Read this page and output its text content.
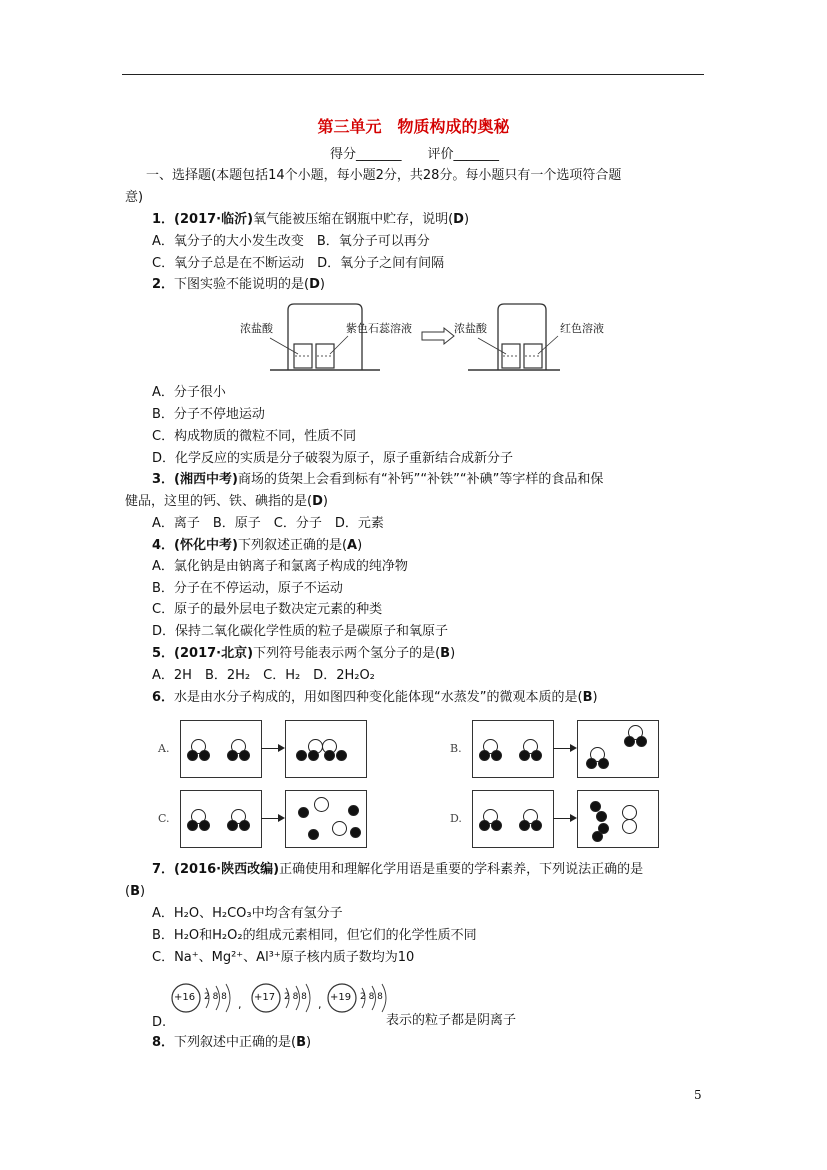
第三单元　物质构成的奥秘
得分_______　　评价_______
一、选择题(本题包括14个小题，每小题2分，共28分。每小题只有一个选项符合题
意)
1．(2017·临沂)氧气能被压缩在钢瓶中贮存，说明(D)
A．氧分子的大小发生改变　B．氧分子可以再分
C．氧分子总是在不断运动　D．氧分子之间有间隔
2．下图实验不能说明的是(D)
浓盐酸	紫色石蕊溶液	浓盐酸	红色溶液
A．分子很小
B．分子不停地运动
C．构成物质的微粒不同，性质不同
D．化学反应的实质是分子破裂为原子，原子重新结合成新分子
3．(湘西中考)商场的货架上会看到标有“补钙”“补铁”“补碘”等字样的食品和保
健品，这里的钙、铁、碘指的是(D)
A．离子　B．原子　C．分子　D．元素
4．(怀化中考)下列叙述正确的是(A)
A．氯化钠是由钠离子和氯离子构成的纯净物
B．分子在不停运动，原子不运动
C．原子的最外层电子数决定元素的种类
D．保持二氧化碳化学性质的粒子是碳原子和氧原子
5．(2017·北京)下列符号能表示两个氢分子的是(B)
A．2H　B．2H₂　C．H₂　D．2H₂O₂
6．水是由水分子构成的，用如图四种变化能体现“水蒸发”的微观本质的是(B)
A.	B.
C.	D.
7．(2016·陕西改编)正确使用和理解化学用语是重要的学科素养，下列说法正确的是
(B)
A．H₂O、H₂CO₃中均含有氢分子
B．H₂O和H₂O₂的组成元素相同，但它们的化学性质不同
C．Na⁺、Mg²⁺、Al³⁺原子核内质子数均为10
+16 2 8 8	+17 2 8 8 +19 2 8 8
,	,
D.	表示的粒子都是阴离子
8．下列叙述中正确的是(B)
5
